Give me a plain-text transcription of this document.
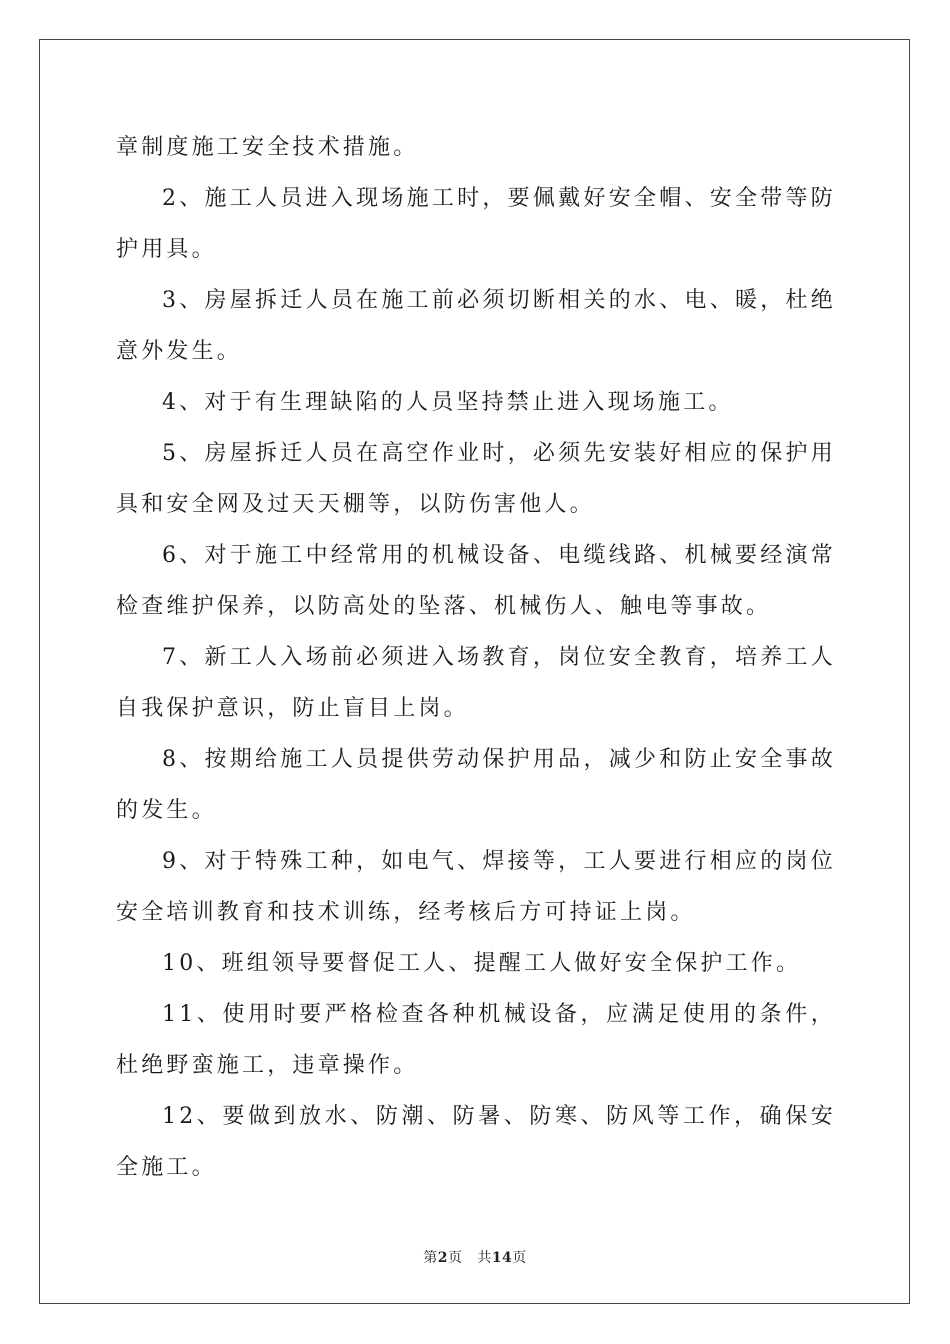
章制度施工安全技术措施。

2、施工人员进入现场施工时，要佩戴好安全帽、安全带等防护用具。

3、房屋拆迁人员在施工前必须切断相关的水、电、暖，杜绝意外发生。

4、对于有生理缺陷的人员坚持禁止进入现场施工。

5、房屋拆迁人员在高空作业时，必须先安装好相应的保护用具和安全网及过天天棚等，以防伤害他人。

6、对于施工中经常用的机械设备、电缆线路、机械要经演常检查维护保养，以防高处的坠落、机械伤人、触电等事故。

7、新工人入场前必须进入场教育，岗位安全教育，培养工人自我保护意识，防止盲目上岗。

8、按期给施工人员提供劳动保护用品，减少和防止安全事故的发生。

9、对于特殊工种，如电气、焊接等，工人要进行相应的岗位安全培训教育和技术训练，经考核后方可持证上岗。

10、班组领导要督促工人、提醒工人做好安全保护工作。

11、使用时要严格检查各种机械设备，应满足使用的条件，杜绝野蛮施工，违章操作。

12、要做到放水、防潮、防暑、防寒、防风等工作，确保安全施工。

第2页 共14页
